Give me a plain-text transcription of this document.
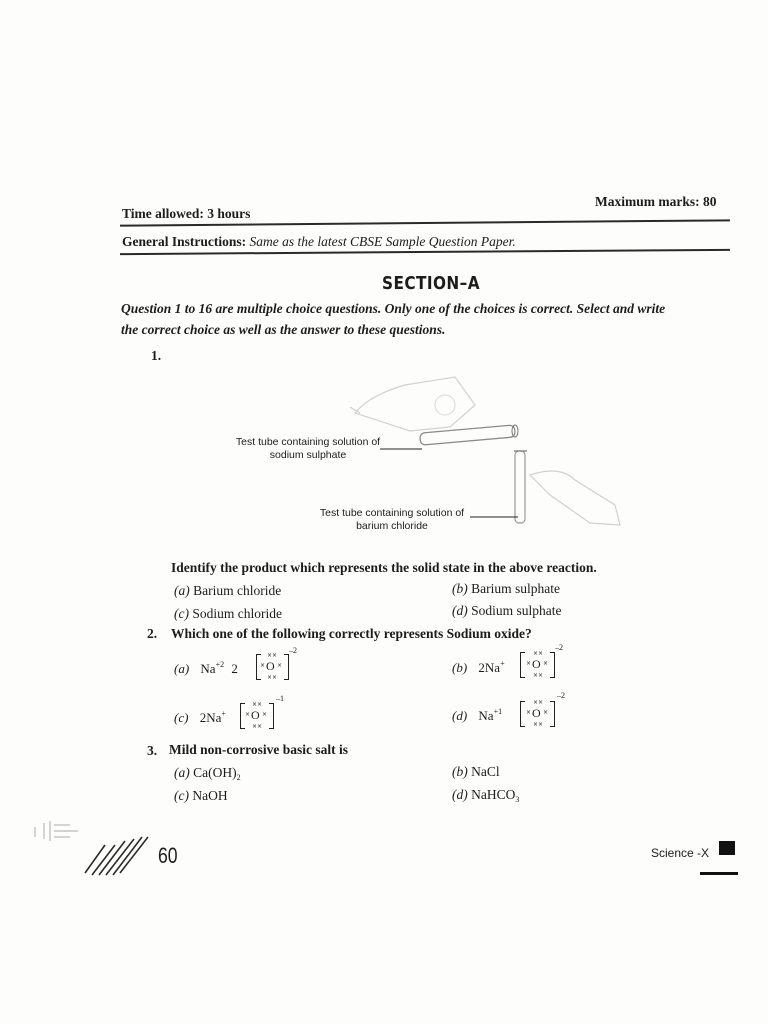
Maximum marks: 80
Time allowed: 3 hours
General Instructions: Same as the latest CBSE Sample Question Paper.
SECTION–A
Question 1 to 16 are multiple choice questions. Only one of the choices is correct. Select and write
the correct choice as well as the answer to these questions.
1.
Test tube containing solution of sodium sulphate
Test tube containing solution of barium chloride
Identify the product which represents the solid state in the above reaction.
(a) Barium chloride	(b) Barium sulphate
(c) Sodium chloride	(d) Sodium sulphate
2. Which one of the following correctly represents Sodium oxide?
(a) $Na^{+2}$ 2
××
O
× ×
××
–2
(b) 2Na+
××
O
× ×
××
–2
(c) 2Na+
××
O
× ×
××
–1
(d) $Na^{+1}$
××
O
× ×
××
–2
3. Mild non-corrosive basic salt is
(a) $Ca(OH)_2$	(b) NaCl
(c) NaOH	(d) NaHCO$_3$
60	Science -X
